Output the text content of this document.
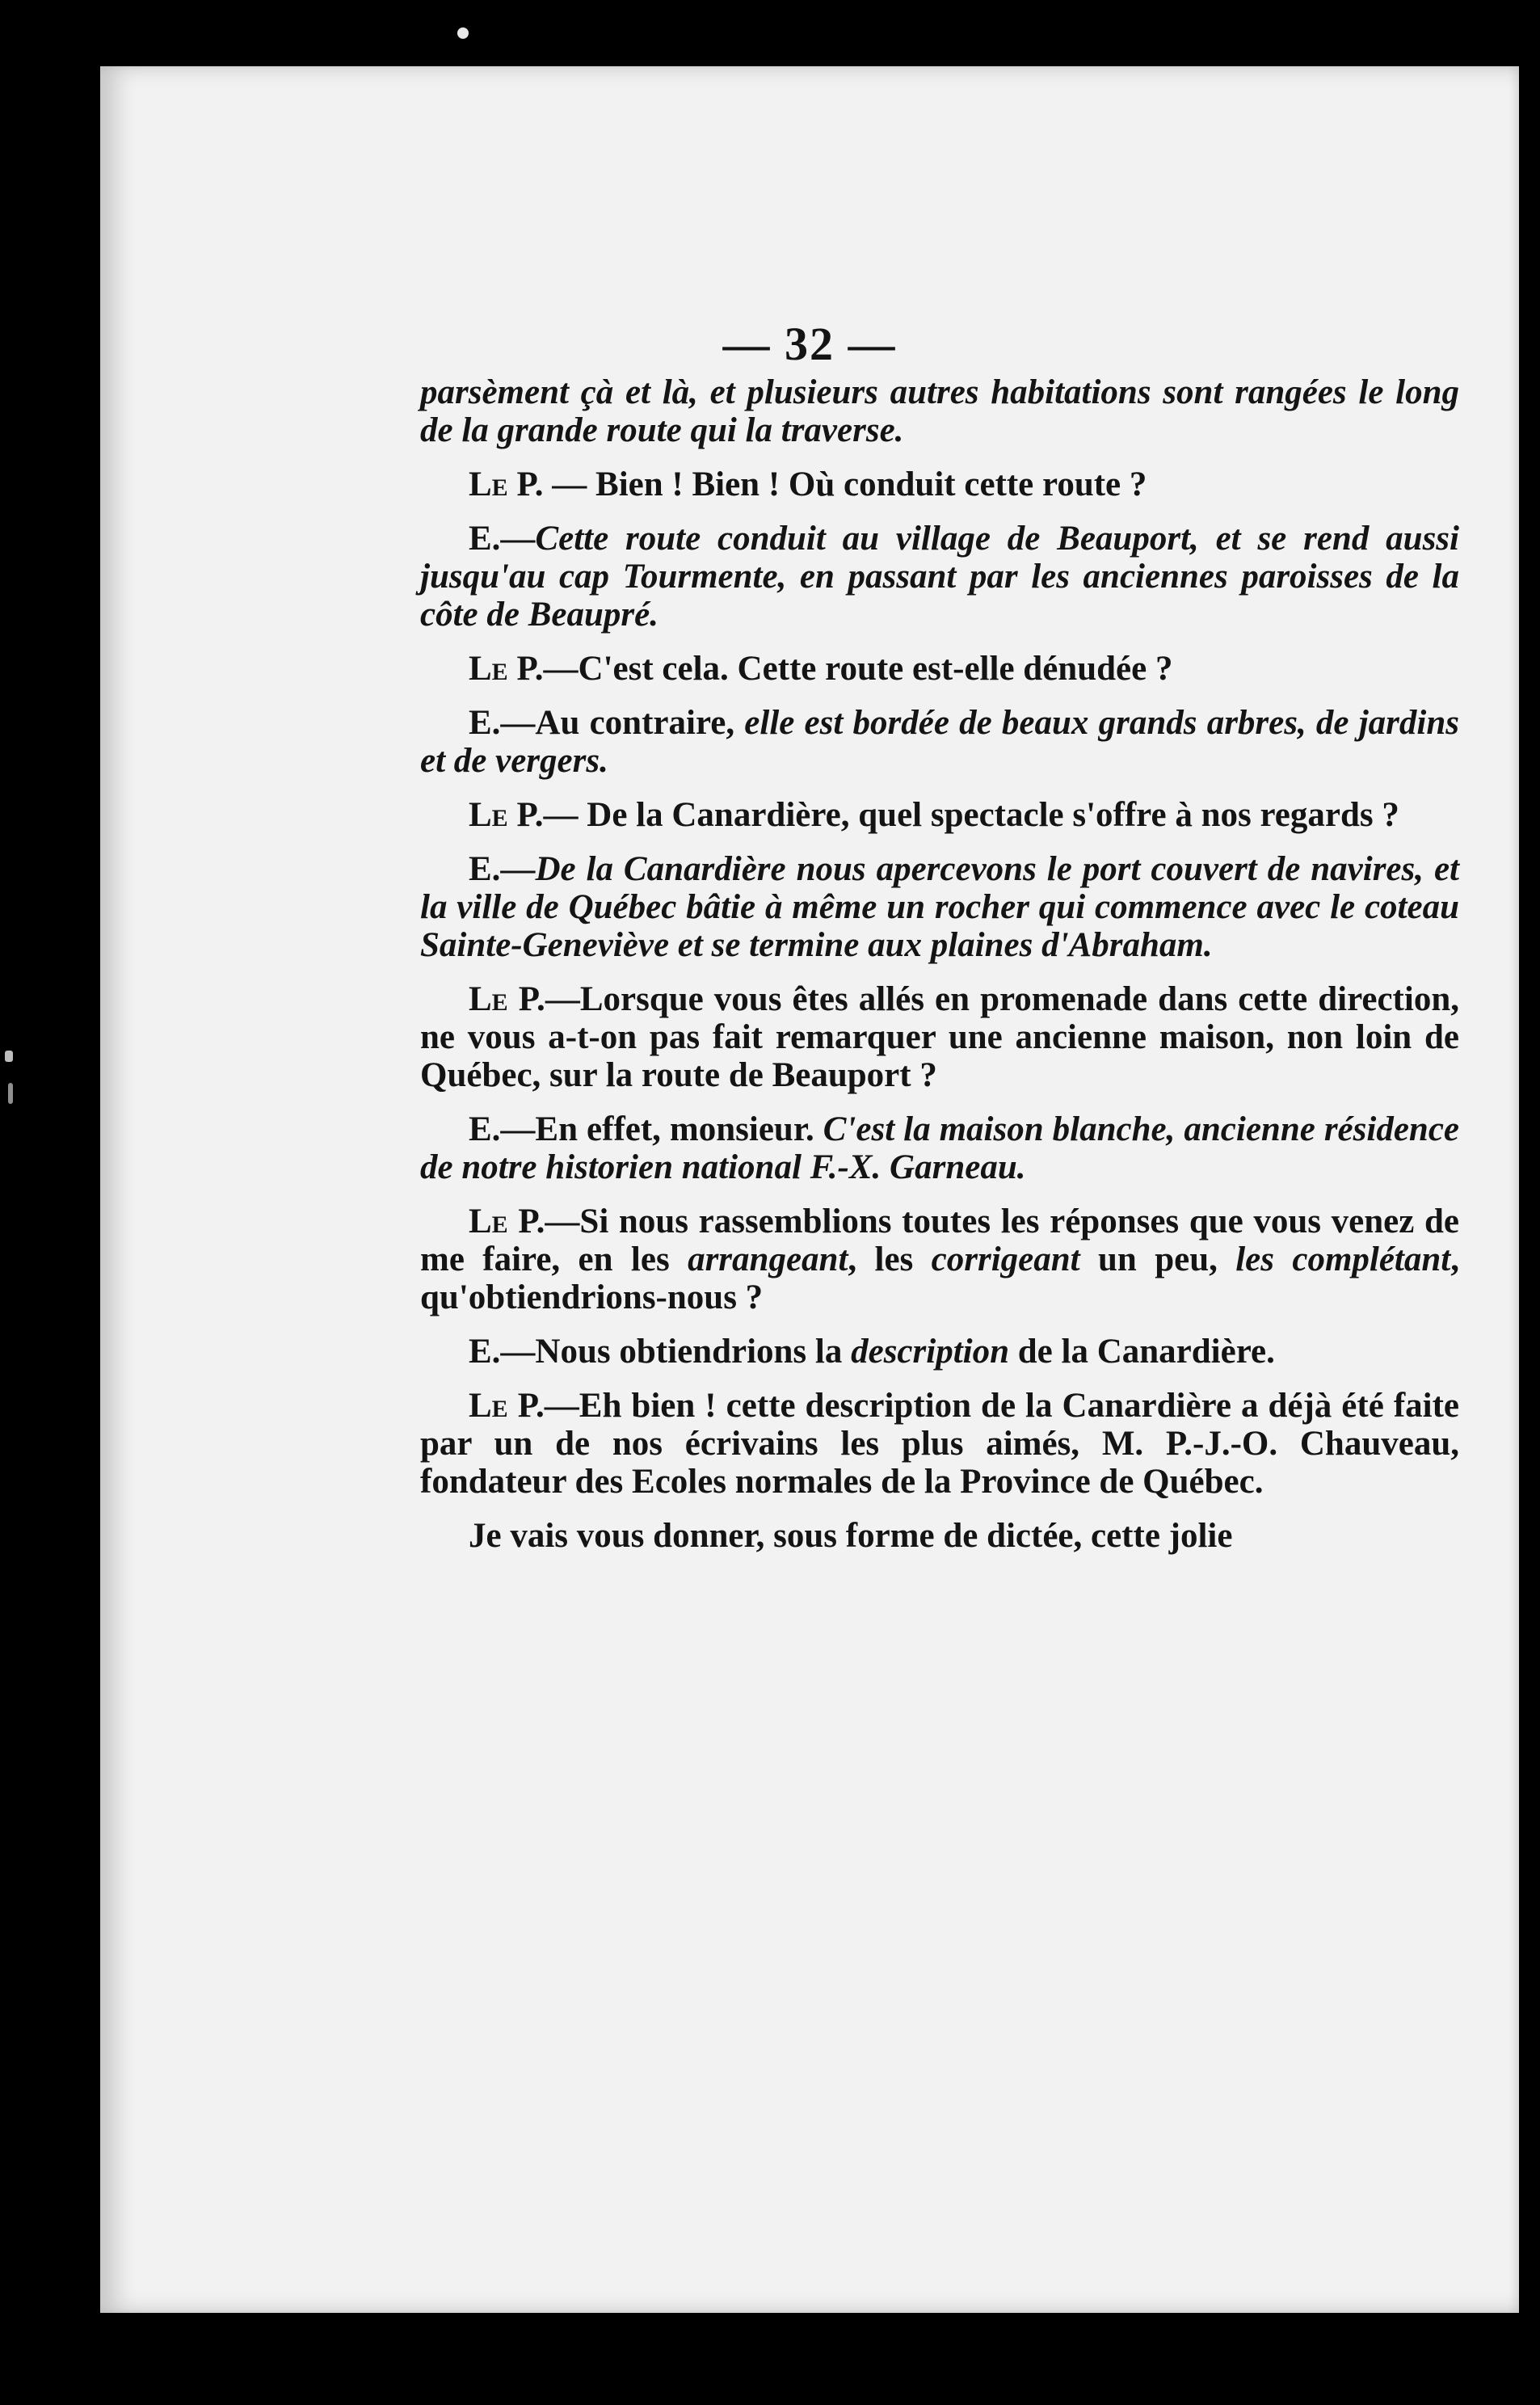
— 32 —

parsèment çà et là, et plusieurs autres habitations sont rangées le long de la grande route qui la traverse.

Le P. — Bien ! Bien ! Où conduit cette route ?

E.—Cette route conduit au village de Beauport, et se rend aussi jusqu'au cap Tourmente, en passant par les anciennes paroisses de la côte de Beaupré.

Le P.—C'est cela. Cette route est-elle dénudée ?

E.—Au contraire, elle est bordée de beaux grands arbres, de jardins et de vergers.

Le P.— De la Canardière, quel spectacle s'offre à nos regards ?

E.—De la Canardière nous apercevons le port couvert de navires, et la ville de Québec bâtie à même un rocher qui commence avec le coteau Sainte-Geneviève et se termine aux plaines d'Abraham.

Le P.—Lorsque vous êtes allés en promenade dans cette direction, ne vous a-t-on pas fait remarquer une ancienne maison, non loin de Québec, sur la route de Beauport ?

E.—En effet, monsieur. C'est la maison blanche, ancienne résidence de notre historien national F.-X. Garneau.

Le P.—Si nous rassemblions toutes les réponses que vous venez de me faire, en les arrangeant, les corrigeant un peu, les complétant, qu'obtiendrions-nous ?

E.—Nous obtiendrions la description de la Canardière.

Le P.—Eh bien ! cette description de la Canardière a déjà été faite par un de nos écrivains les plus aimés, M. P.-J.-O. Chauveau, fondateur des Ecoles normales de la Province de Québec.

Je vais vous donner, sous forme de dictée, cette jolie
